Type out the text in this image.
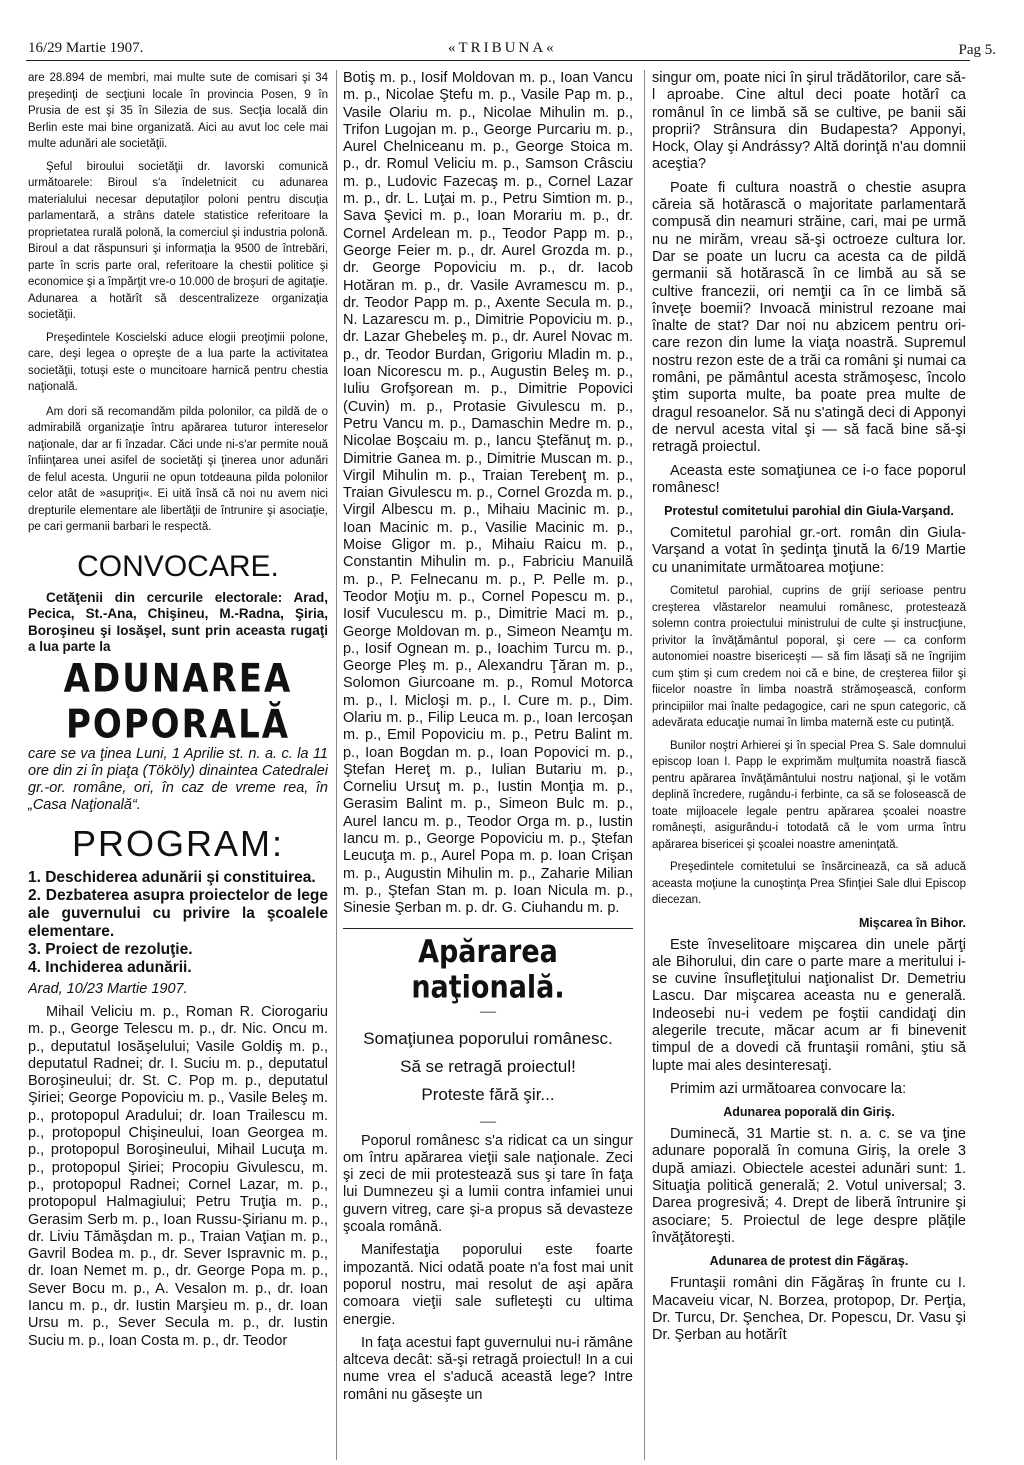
16/29 Martie 1907.	«TRIBUNA«	Pag 5.

are 28.894 de membri, mai multe sute de comisari şi 34 preşedinţi de secţiuni locale în provincia Posen, 9 în Prusia de est şi 35 în Silezia de sus. Secţia locală din Berlin este mai bine organizată. Aici au avut loc cele mai multe adunări ale societăţii.

Şeful biroului societăţii dr. Iavorski comunică următoarele: Biroul s'a îndeletnicit cu adunarea materialului necesar deputaţilor poloni pentru discuţia parlamentară, a strâns datele statistice referitoare la proprietatea rurală polonă, la comerciul şi industria polonă. Biroul a dat răspunsuri şi informaţia la 9500 de întrebări, parte în scris parte oral, referitoare la chestii politice şi economice şi a împărţit vre-o 10.000 de broşuri de agitaţie. Adunarea a hotărît să descentralizeze organizaţia societăţii.

Preşedintele Koscielski aduce elogii preoţimii polone, care, deşi legea o opreşte de a lua parte la activitatea societăţii, totuşi este o muncitoare harnică pentru chestia naţională.

Am dori să recomandăm pilda polonilor, ca pildă de o admirabilă organizaţie întru apărarea tuturor intereselor naţionale, dar ar fi înzadar. Căci unde ni-s'ar permite nouă înfiinţarea unei asifel de societăţi şi ţinerea unor adunări de felul acesta. Ungurii ne opun totdeauna pilda polonilor celor atât de »asupriţi«. Ei uită însă că noi nu avem nici drepturile elementare ale libertăţii de întrunire şi asociaţie, pe cari germanii barbari le respectă.

CONVOCARE.

Cetăţenii din cercurile electorale: Arad, Pecica, St.-Ana, Chişineu, M.-Radna, Şiria, Boroşineu şi Iosăşel, sunt prin aceasta rugaţi a lua parte la

ADUNAREA POPORALĂ

care se va ţinea Luni, 1 Aprilie st. n. a. c. la 11 ore din zi în piaţa (Tököly) dinaintea Catedralei gr.-or. române, ori, în caz de vreme rea, în „Casa Naţională“.

PROGRAM:

1. Deschiderea adunării şi constituirea.

2. Dezbaterea asupra proiectelor de lege ale guvernului cu privire la şcoalele elementare.

3. Proiect de rezoluţie.

4. Inchiderea adunării.

Arad, 10/23 Martie 1907.

Mihail Veliciu m. p., Roman R. Ciorogariu m. p., George Telescu m. p., dr. Nic. Oncu m. p., deputatul Iosăşelului; Vasile Goldiş m. p., deputatul Radnei; dr. I. Suciu m. p., deputatul Boroşineului; dr. St. C. Pop m. p., deputatul Şiriei; George Popoviciu m. p., Vasile Beleş m. p., protopopul Aradului; dr. Ioan Trailescu m. p., protopopul Chişineului, Ioan Georgea m. p., protopopul Boroşineului, Mihail Lucuţa m. p., protopopul Şiriei; Procopiu Givulescu, m. p., protopopul Radnei; Cornel Lazar, m. p., protopopul Halmagiului; Petru Truţia m. p., Gerasim Serb m. p., Ioan Russu-Şirianu m. p., dr. Liviu Tămăşdan m. p., Traian Vaţian m. p., Gavril Bodea m. p., dr. Sever Ispravnic m. p., dr. Ioan Nemet m. p., dr. George Popa m. p., Sever Bocu m. p., A. Vesalon m. p., dr. Ioan Iancu m. p., dr. Iustin Marşieu m. p., dr. Ioan Ursu m. p., Sever Secula m. p., dr. Iustin Suciu m. p., Ioan Costa m. p., dr. Teodor

Botiş m. p., Iosif Moldovan m. p., Ioan Vancu m. p., Nicolae Ştefu m. p., Vasile Pap m. p., Vasile Olariu m. p., Nicolae Mihulin m. p., Trifon Lugojan m. p., George Purcariu m. p., Aurel Chelniceanu m. p., George Stoica m. p., dr. Romul Veliciu m. p., Samson Crâsciu m. p., Ludovic Fazecaş m. p., Cornel Lazar m. p., dr. L. Luţai m. p., Petru Simtion m. p., Sava Şevici m. p., Ioan Morariu m. p., dr. Cornel Ardelean m. p., Teodor Papp m. p., George Feier m. p., dr. Aurel Grozda m. p., dr. George Popoviciu m. p., dr. Iacob Hotăran m. p., dr. Vasile Avramescu m. p., dr. Teodor Papp m. p., Axente Secula m. p., N. Lazarescu m. p., Dimitrie Popoviciu m. p., dr. Lazar Ghebeleş m. p., dr. Aurel Novac m. p., dr. Teodor Burdan, Grigoriu Mladin m. p., Ioan Nicorescu m. p., Augustin Beleş m. p., Iuliu Grofşorean m. p., Dimitrie Popovici (Cuvin) m. p., Protasie Givulescu m. p., Petru Vancu m. p., Damaschin Medre m. p., Nicolae Boşcaiu m. p., Iancu Ştefănuţ m. p., Dimitrie Ganea m. p., Dimitrie Muscan m. p., Virgil Mihulin m. p., Traian Terebenţ m. p., Traian Givulescu m. p., Cornel Grozda m. p., Virgil Albescu m. p., Mihaiu Macinic m. p., Ioan Macinic m. p., Vasilie Macinic m. p., Moise Gligor m. p., Mihaiu Raicu m. p., Constantin Mihulin m. p., Fabriciu Manuilă m. p., P. Felnecanu m. p., P. Pelle m. p., Teodor Moţiu m. p., Cornel Popescu m. p., Iosif Vuculescu m. p., Dimitrie Maci m. p., George Moldovan m. p., Simeon Neamţu m. p., Iosif Ognean m. p., Ioachim Turcu m. p., George Pleş m. p., Alexandru Ţăran m. p., Solomon Giurcoane m. p., Romul Motorca m. p., I. Micloşi m. p., I. Cure m. p., Dim. Olariu m. p., Filip Leuca m. p., Ioan Iercoşan m. p., Emil Popoviciu m. p., Petru Balint m. p., Ioan Bogdan m. p., Ioan Popovici m. p., Ştefan Hereţ m. p., Iulian Butariu m. p., Corneliu Ursuţ m. p., Iustin Monţia m. p., Gerasim Balint m. p., Simeon Bulc m. p., Aurel Iancu m. p., Teodor Orga m. p., Iustin Iancu m. p., George Popoviciu m. p., Ştefan Leucuţa m. p., Aurel Popa m. p. Ioan Crişan m. p., Augustin Mihulin m. p., Zaharie Milian m. p., Ştefan Stan m. p. Ioan Nicula m. p., Sinesie Şerban m. p. dr. G. Ciuhandu m. p.

Apărarea naţională.
—
Somaţiunea poporului românesc.
Să se retragă proiectul!
Proteste fără şir...
—

Poporul românesc s'a ridicat ca un singur om întru apărarea vieţii sale naţionale. Zeci şi zeci de mii protestează sus şi tare în faţa lui Dumnezeu şi a lumii contra infamiei unui guvern vitreg, care şi-a propus să devasteze şcoala română.

Manifestaţia poporului este foarte impozantă. Nici odată poate n'a fost mai unit poporul nostru, mai resolut de aşi apăra comoara vieţii sale sufleteşti cu ultima energie.

In faţa acestui fapt guvernului nu-i rămâne altceva decât: să-şi retragă proiectul! In a cui nume vrea el s'aducă această lege? Intre români nu găseşte un

singur om, poate nici în şirul trădătorilor, care să-l aproabe. Cine altul deci poate hotărî ca românul în ce limbă să se cultive, pe banii săi proprii? Strânsura din Budapesta? Apponyi, Hock, Olay şi Andrássy? Altă dorinţă n'au domnii aceştia?

Poate fi cultura noastră o chestie asupra căreia să hotărască o majoritate parlamentară compusă din neamuri străine, cari, mai pe urmă nu ne mirăm, vreau să-şi octroeze cultura lor. Dar se poate un lucru ca acesta ca de pildă germanii să hotărască în ce limbă au să se cultive francezii, ori nemţii ca în ce limbă să înveţe boemii? Invoacă ministrul rezoane mai înalte de stat? Dar noi nu abzicem pentru ori-care rezon din lume la viaţa noastră. Supremul nostru rezon este de a trăi ca români şi numai ca români, pe pământul acesta strămoşesc, încolo ştim suporta multe, ba poate prea multe de dragul resoanelor. Să nu s'atingă deci di Apponyi de nervul acesta vital şi — să facă bine să-şi retragă proiectul.

Aceasta este somaţiunea ce i-o face poporul românesc!

Protestul comitetului parohial din Giula-Varşand.

Comitetul parohial gr.-ort. român din Giula-Varşand a votat în şedinţa ţinută la 6/19 Martie cu unanimitate următoarea moţiune:

Comitetul parohial, cuprins de grijí serioase pentru creşterea vlăstarelor neamului românesc, protestează solemn contra proiectului ministrului de culte şi instrucţiune, privitor la învăţământul poporal, şi cere — ca conform autonomiei noastre bisericeşti — să fim lăsaţi să ne îngrijim cum ştim şi cum credem noi că e bine, de creşterea fiilor şi fiicelor noastre în limba noastră strămoşească, conform principiilor mai înalte pedagogice, cari ne spun categoric, că adevărata educaţie numai în limba maternă este cu putinţă.

Bunilor noştri Arhierei şi în special Prea S. Sale domnului episcop Ioan I. Papp le exprimăm mulţumita noastră fiască pentru apărarea învăţământului nostru naţional, şi le votăm deplină încredere, rugându-i ferbinte, ca să se folosească de toate mijloacele legale pentru apărarea şcoalei noastre româneşti, asigurându-i totodată că le vom urma întru apărarea bisericei şi şcoalei noastre ameninţată.

Preşedintele comitetului se însărcinează, ca să aducă aceasta moţiune la cunoştinţa Prea Sfinţiei Sale dlui Episcop diecezan.

Mişcarea în Bihor.

Este înveselitoare mişcarea din unele părţi ale Bihorului, din care o parte mare a meritului i-se cuvine însufleţitului naţionalist Dr. Demetriu Lascu. Dar mişcarea aceasta nu e generală. Indeosebi nu-i vedem pe foştii candidaţi din alegerile trecute, măcar acum ar fi binevenit timpul de a dovedi că fruntaşii români, ştiu să lupte mai ales desinteresaţi.

Primim azi următoarea convocare la:

Adunarea poporală din Giriş.

Duminecă, 31 Martie st. n. a. c. se va ţine adunare poporală în comuna Giriş, la orele 3 după amiazi. Obiectele acestei adunări sunt: 1. Situaţia politică generală; 2. Votul universal; 3. Darea progresivă; 4. Drept de liberă întrunire şi asociare; 5. Proiectul de lege despre plăţile învăţătoreşti.

Adunarea de protest din Făgăraş.

Fruntaşii români din Făgăraş în frunte cu I. Macaveiu vicar, N. Borzea, protopop, Dr. Perţia, Dr. Turcu, Dr. Şenchea, Dr. Popescu, Dr. Vasu şi Dr. Şerban au hotărît
